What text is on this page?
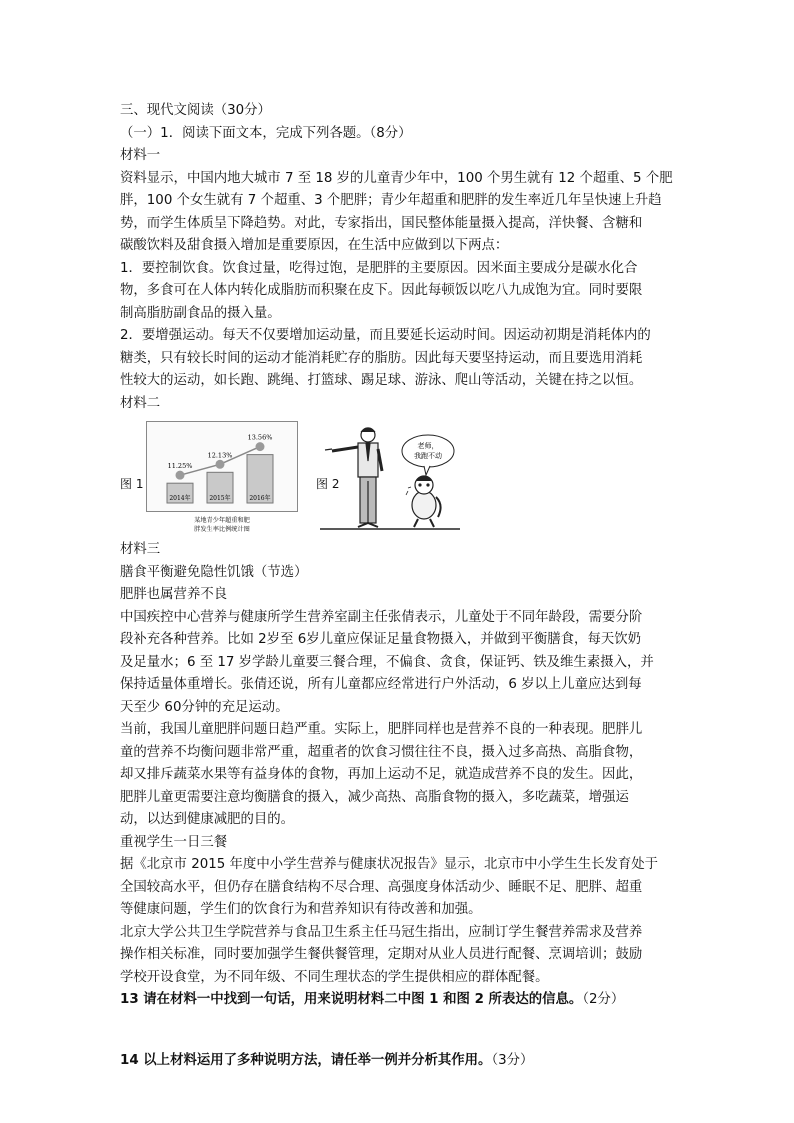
三、现代文阅读（30分）
（一）1．阅读下面文本，完成下列各题。（8分）
材料一
资料显示，中国内地大城市 7 至 18 岁的儿童青少年中，100 个男生就有 12 个超重、5 个肥
胖，100 个女生就有 7 个超重、3 个肥胖；青少年超重和肥胖的发生率近几年呈快速上升趋
势，而学生体质呈下降趋势。对此，专家指出，国民整体能量摄入提高，洋快餐、含糖和
碳酸饮料及甜食摄入增加是重要原因，在生活中应做到以下两点：
1．要控制饮食。饮食过量，吃得过饱，是肥胖的主要原因。因米面主要成分是碳水化合
物，多食可在人体内转化成脂肪而积聚在皮下。因此每顿饭以吃八九成饱为宜。同时要限
制高脂肪副食品的摄入量。
2．要增强运动。每天不仅要增加运动量，而且要延长运动时间。因运动初期是消耗体内的
糖类，只有较长时间的运动才能消耗贮存的脂肪。因此每天要坚持运动，而且要选用消耗
性较大的运动，如长跑、跳绳、打篮球、踢足球、游泳、爬山等活动，关键在持之以恒。
材料二
图 1
2014年	2015年	2016年
11.25%
12.13%
13.56%
某地青少年超重和肥
胖发生率比例统计图
图 2
老师，
我跑不动
材料三
膳食平衡避免隐性饥饿（节选）
肥胖也属营养不良
中国疾控中心营养与健康所学生营养室副主任张倩表示，儿童处于不同年龄段，需要分阶
段补充各种营养。比如 2岁至 6岁儿童应保证足量食物摄入，并做到平衡膳食，每天饮奶
及足量水；6 至 17 岁学龄儿童要三餐合理，不偏食、贪食，保证钙、铁及维生素摄入，并
保持适量体重增长。张倩还说，所有儿童都应经常进行户外活动，6 岁以上儿童应达到每
天至少 60分钟的充足运动。
当前，我国儿童肥胖问题日趋严重。实际上，肥胖同样也是营养不良的一种表现。肥胖儿
童的营养不均衡问题非常严重，超重者的饮食习惯往往不良，摄入过多高热、高脂食物，
却又排斥蔬菜水果等有益身体的食物，再加上运动不足，就造成营养不良的发生。因此，
肥胖儿童更需要注意均衡膳食的摄入，减少高热、高脂食物的摄入，多吃蔬菜，增强运
动，以达到健康减肥的目的。
重视学生一日三餐
据《北京市 2015 年度中小学生营养与健康状况报告》显示，北京市中小学生生长发育处于
全国较高水平，但仍存在膳食结构不尽合理、高强度身体活动少、睡眠不足、肥胖、超重
等健康问题，学生们的饮食行为和营养知识有待改善和加强。
北京大学公共卫生学院营养与食品卫生系主任马冠生指出，应制订学生餐营养需求及营养
操作相关标准，同时要加强学生餐供餐管理，定期对从业人员进行配餐、烹调培训；鼓励
学校开设食堂，为不同年级、不同生理状态的学生提供相应的群体配餐。
13 请在材料一中找到一句话，用来说明材料二中图 1 和图 2 所表达的信息。（2分）
14 以上材料运用了多种说明方法，请任举一例并分析其作用。（3分）
